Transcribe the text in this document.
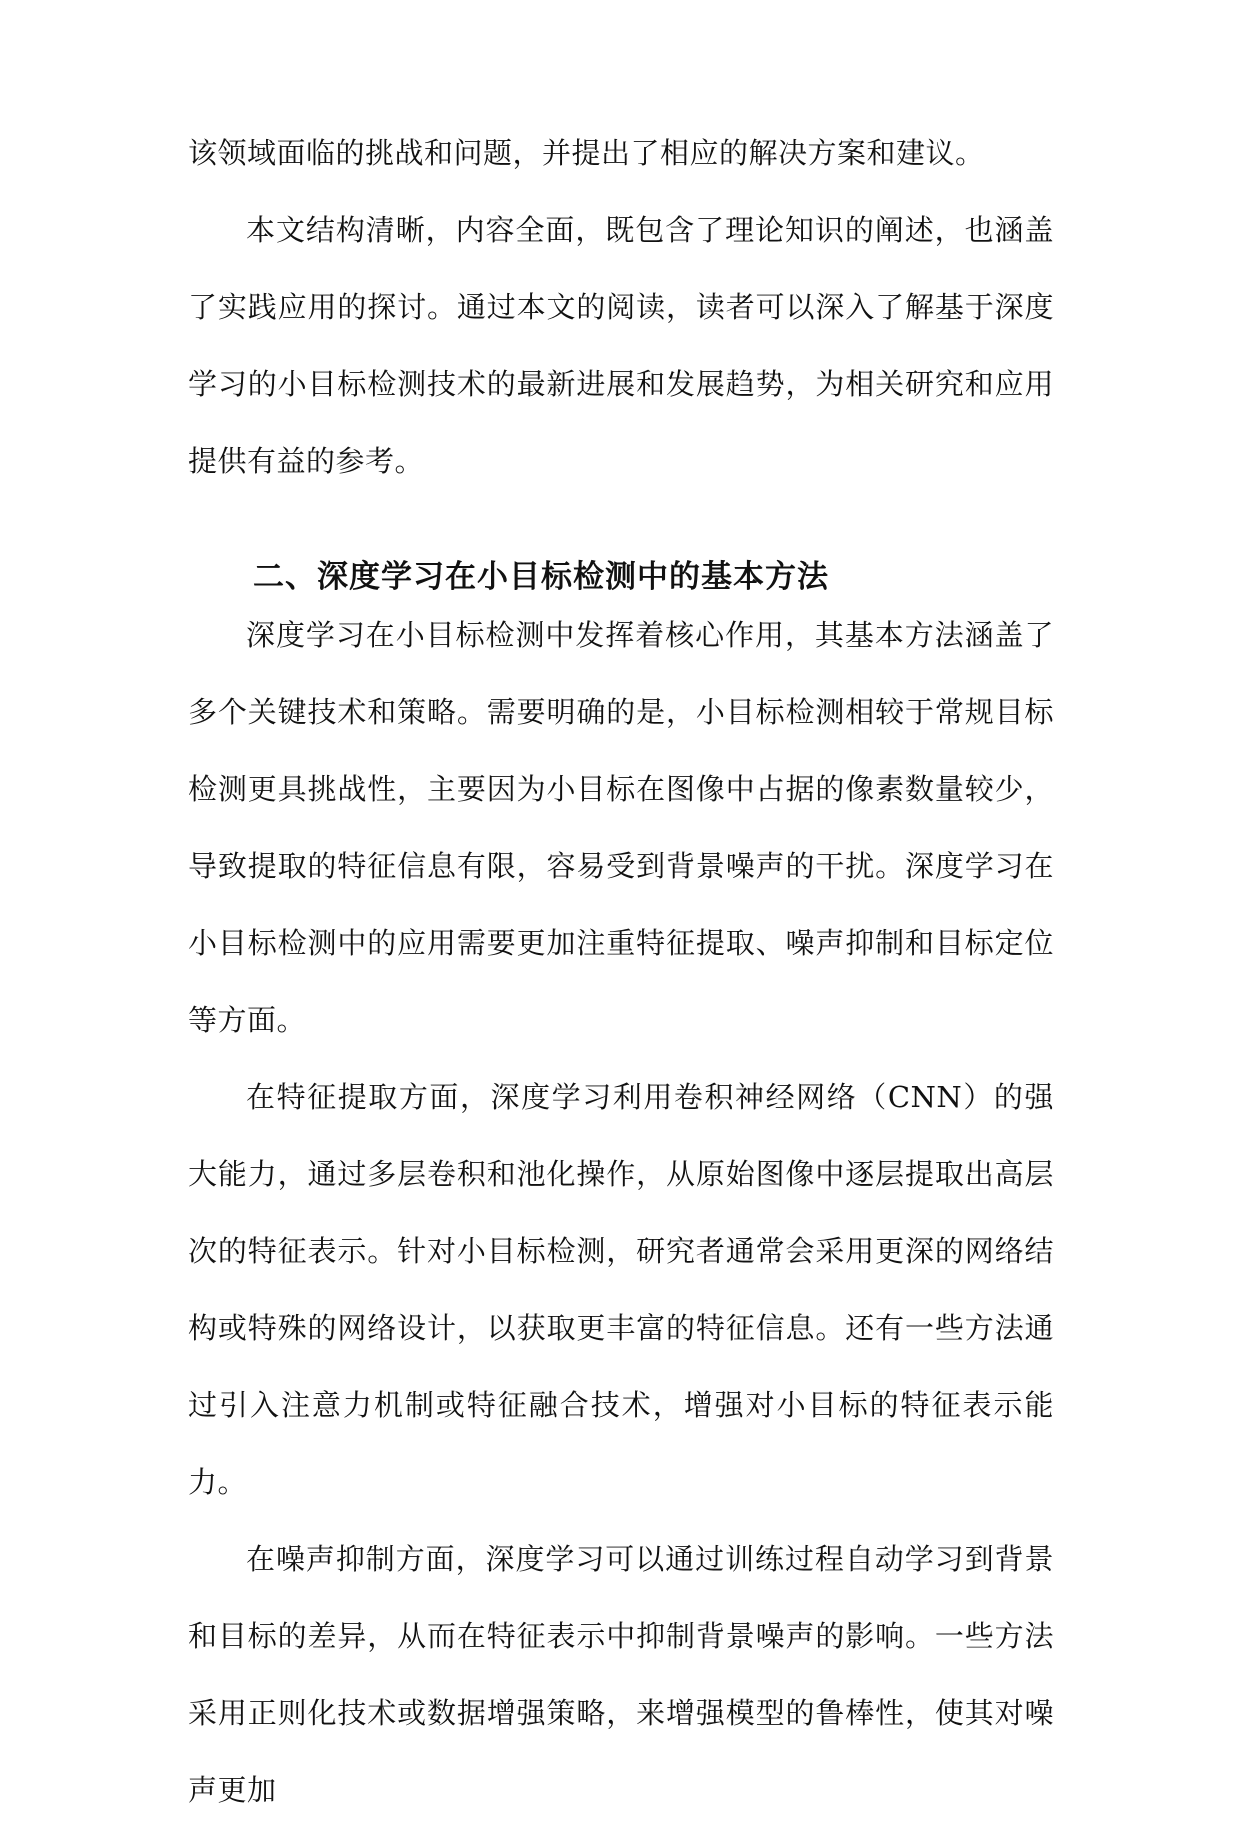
该领域面临的挑战和问题，并提出了相应的解决方案和建议。

本文结构清晰，内容全面，既包含了理论知识的阐述，也涵盖了实践应用的探讨。通过本文的阅读，读者可以深入了解基于深度学习的小目标检测技术的最新进展和发展趋势，为相关研究和应用提供有益的参考。

二、深度学习在小目标检测中的基本方法

深度学习在小目标检测中发挥着核心作用，其基本方法涵盖了多个关键技术和策略。需要明确的是，小目标检测相较于常规目标检测更具挑战性，主要因为小目标在图像中占据的像素数量较少，导致提取的特征信息有限，容易受到背景噪声的干扰。深度学习在小目标检测中的应用需要更加注重特征提取、噪声抑制和目标定位等方面。

在特征提取方面，深度学习利用卷积神经网络（CNN）的强大能力，通过多层卷积和池化操作，从原始图像中逐层提取出高层次的特征表示。针对小目标检测，研究者通常会采用更深的网络结构或特殊的网络设计，以获取更丰富的特征信息。还有一些方法通过引入注意力机制或特征融合技术，增强对小目标的特征表示能力。

在噪声抑制方面，深度学习可以通过训练过程自动学习到背景和目标的差异，从而在特征表示中抑制背景噪声的影响。一些方法采用正则化技术或数据增强策略，来增强模型的鲁棒性，使其对噪声更加
